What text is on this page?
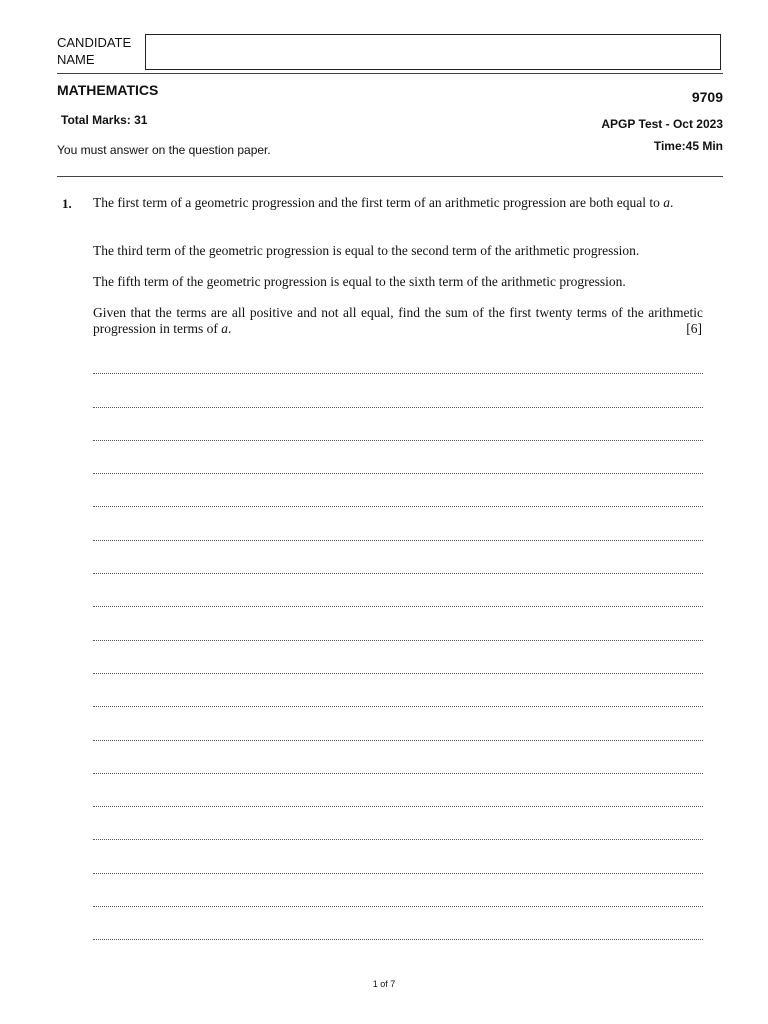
CANDIDATE
NAME
MATHEMATICS	9709
Total Marks: 31	APGP Test - Oct 2023
You must answer on the question paper.	Time:45 Min
1. The first term of a geometric progression and the first term of an arithmetic progression are both equal to a.
The third term of the geometric progression is equal to the second term of the arithmetic progression.
The fifth term of the geometric progression is equal to the sixth term of the arithmetic progression.
Given that the terms are all positive and not all equal, find the sum of the first twenty terms of the arithmetic progression in terms of a.	[6]
1 of 7
